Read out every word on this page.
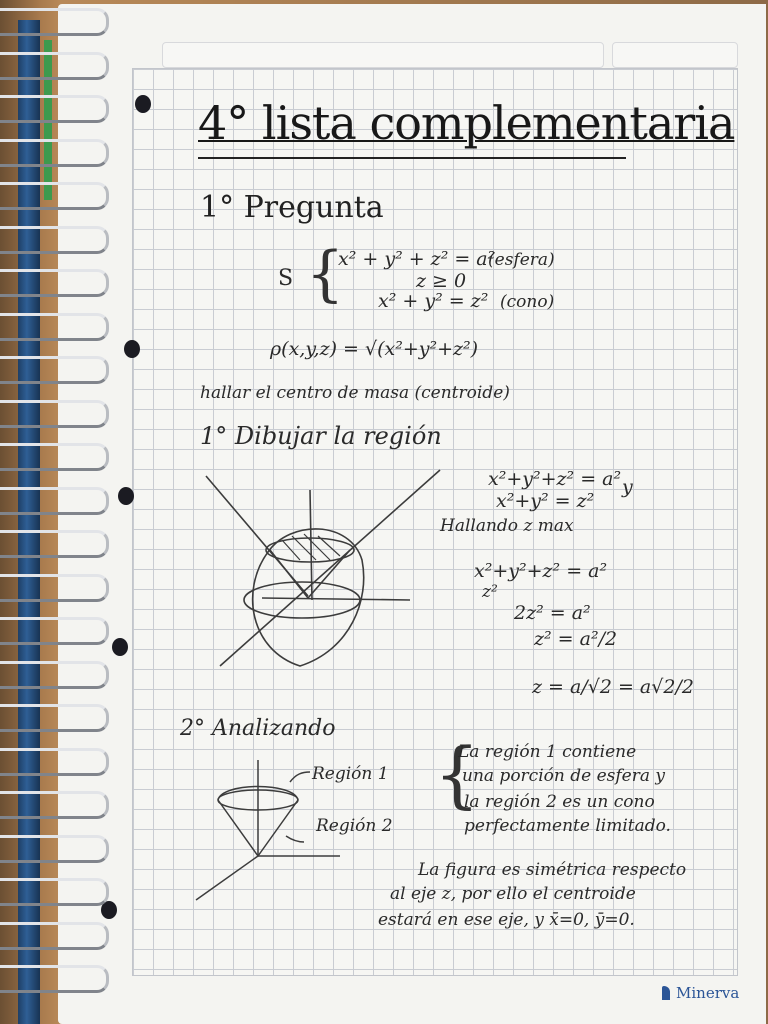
4° lista complementaria
1° Pregunta
S {
x² + y² + z² = a²
(esfera)
z ≥ 0
x² + y² = z² (cono)
ρ(x,y,z) = √(x²+y²+z²)
hallar el centro de masa (centroide)
1° Dibujar la región
x²+y²+z² = a² y
x²+y² = z²
Hallando z max
x²+y²+z² = a²
z²
2z² = a²
z² = a²/2
z = a/√2 = a√2/2
2° Analizando
Región 1
Región 2
{
La región 1 contiene
una porción de esfera y
la región 2 es un cono
perfectamente limitado.
La figura es simétrica respecto
al eje z, por ello el centroide
estará en ese eje, y x̄=0, ȳ=0.
Minerva
